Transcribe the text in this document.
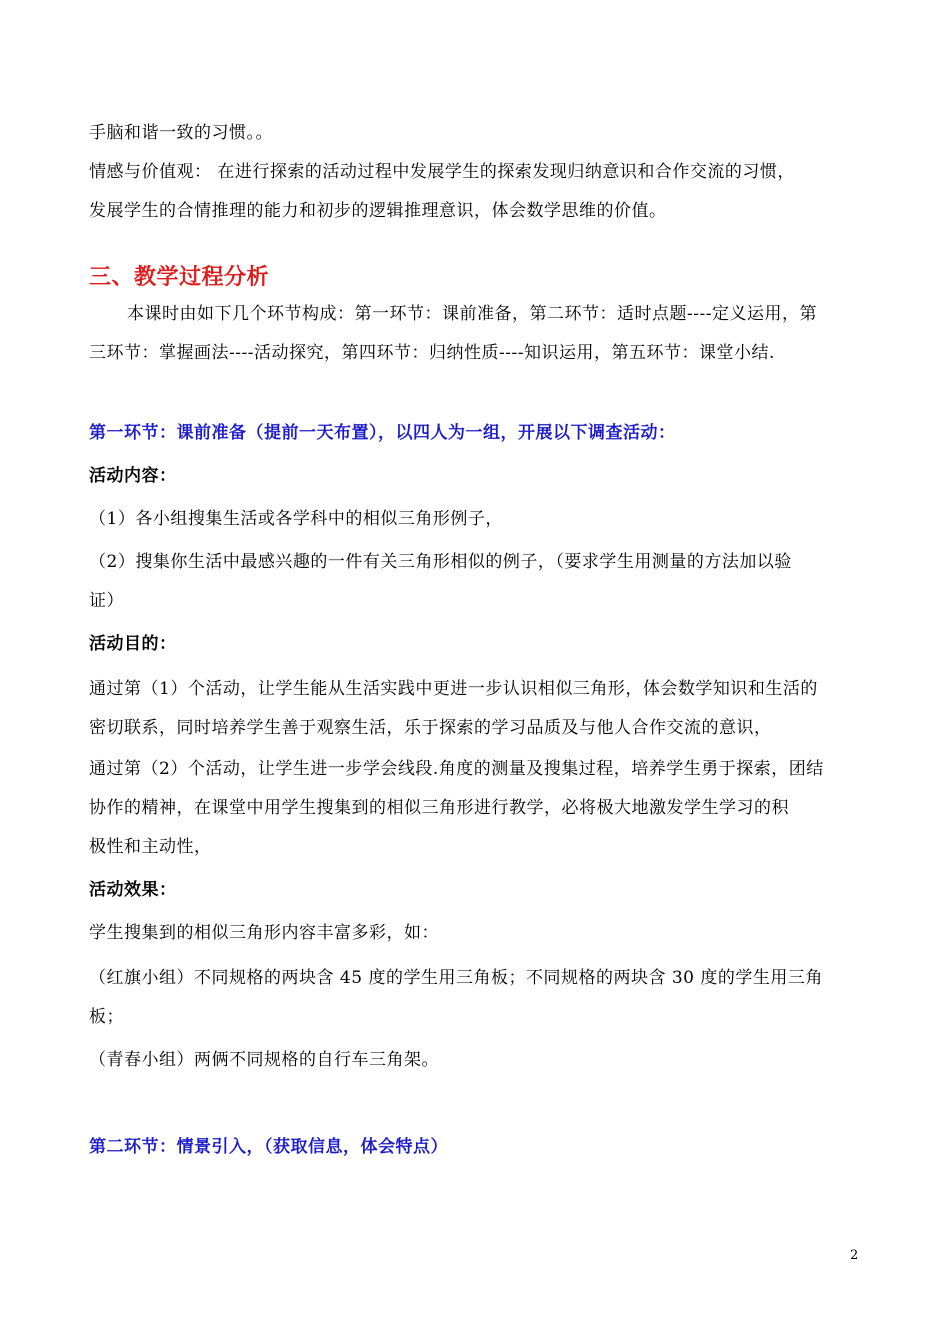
手脑和谐一致的习惯。。
情感与价值观： 在进行探索的活动过程中发展学生的探索发现归纳意识和合作交流的习惯，
发展学生的合情推理的能力和初步的逻辑推理意识，体会数学思维的价值。
三、教学过程分析
本课时由如下几个环节构成：第一环节：课前准备，第二环节：适时点题----定义运用，第
三环节：掌握画法----活动探究，第四环节：归纳性质----知识运用，第五环节：课堂小结.
第一环节：课前准备（提前一天布置），以四人为一组，开展以下调查活动：
活动内容：
（1）各小组搜集生活或各学科中的相似三角形例子，
（2）搜集你生活中最感兴趣的一件有关三角形相似的例子，（要求学生用测量的方法加以验
证）
活动目的：
通过第（1）个活动，让学生能从生活实践中更进一步认识相似三角形，体会数学知识和生活的
密切联系，同时培养学生善于观察生活，乐于探索的学习品质及与他人合作交流的意识，
通过第（2）个活动，让学生进一步学会线段.角度的测量及搜集过程，培养学生勇于探索，团结
协作的精神，在课堂中用学生搜集到的相似三角形进行教学，必将极大地激发学生学习的积
极性和主动性，
活动效果：
学生搜集到的相似三角形内容丰富多彩，如：
（红旗小组）不同规格的两块含 45 度的学生用三角板；不同规格的两块含 30 度的学生用三角
板；
（青春小组）两俩不同规格的自行车三角架。
第二环节：情景引入，（获取信息，体会特点）
2
